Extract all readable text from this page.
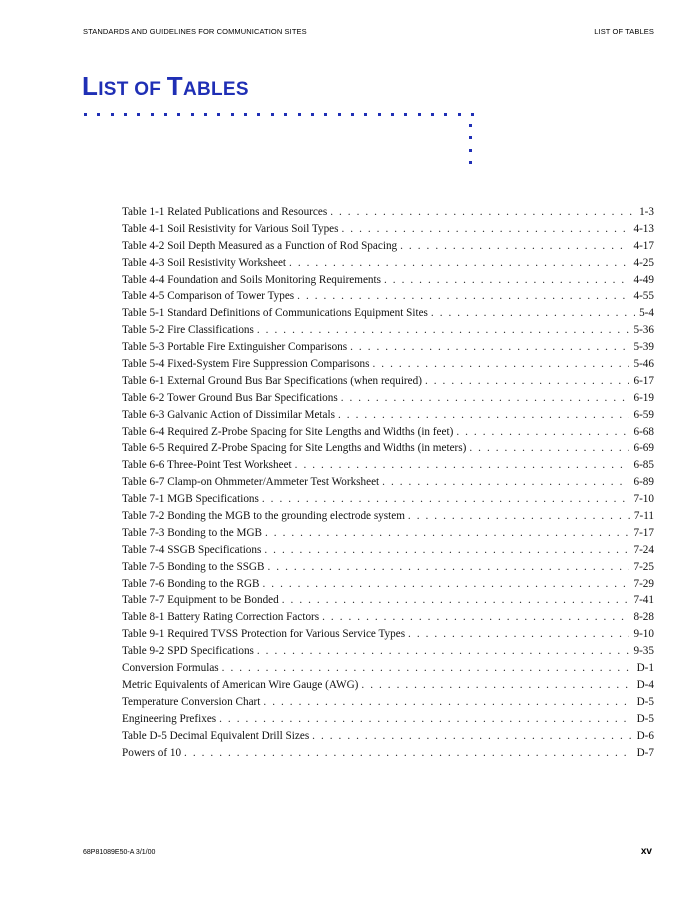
STANDARDS AND GUIDELINES FOR COMMUNICATION SITES	LIST OF TABLES
LIST OF TABLES
Table 1-1 Related Publications and Resources . . .	1-3
Table 4-1 Soil Resistivity for Various Soil Types . . .	4-13
Table 4-2 Soil Depth Measured as a Function of Rod Spacing . . .	4-17
Table 4-3 Soil Resistivity Worksheet . . .	4-25
Table 4-4 Foundation and Soils Monitoring Requirements . . .	4-49
Table 4-5 Comparison of Tower Types . . .	4-55
Table 5-1 Standard Definitions of Communications Equipment Sites . . .	5-4
Table 5-2 Fire Classifications . . .	5-36
Table 5-3 Portable Fire Extinguisher Comparisons . . .	5-39
Table 5-4 Fixed-System Fire Suppression Comparisons . . .	5-46
Table 6-1 External Ground Bus Bar Specifications (when required) . . .	6-17
Table 6-2 Tower Ground Bus Bar Specifications . . .	6-19
Table 6-3 Galvanic Action of Dissimilar Metals . . .	6-59
Table 6-4 Required Z-Probe Spacing for Site Lengths and Widths (in feet) . . .	6-68
Table 6-5 Required Z-Probe Spacing for Site Lengths and Widths (in meters) . . .	6-69
Table 6-6 Three-Point Test Worksheet . . .	6-85
Table 6-7 Clamp-on Ohmmeter/Ammeter Test Worksheet . . .	6-89
Table 7-1 MGB Specifications . . .	7-10
Table 7-2 Bonding the MGB to the grounding electrode system . . .	7-11
Table 7-3 Bonding to the MGB . . .	7-17
Table 7-4 SSGB Specifications . . .	7-24
Table 7-5 Bonding to the SSGB . . .	7-25
Table 7-6 Bonding to the RGB . . .	7-29
Table 7-7 Equipment to be Bonded . . .	7-41
Table 8-1 Battery Rating Correction Factors . . .	8-28
Table 9-1 Required TVSS Protection for Various Service Types . . .	9-10
Table 9-2 SPD Specifications . . .	9-35
Conversion Formulas . . .	D-1
Metric Equivalents of American Wire Gauge (AWG) . . .	D-4
Temperature Conversion Chart . . .	D-5
Engineering Prefixes . . .	D-5
Table D-5 Decimal Equivalent Drill Sizes . . .	D-6
Powers of 10 . . .	D-7
68P81089E50-A 3/1/00	xv
